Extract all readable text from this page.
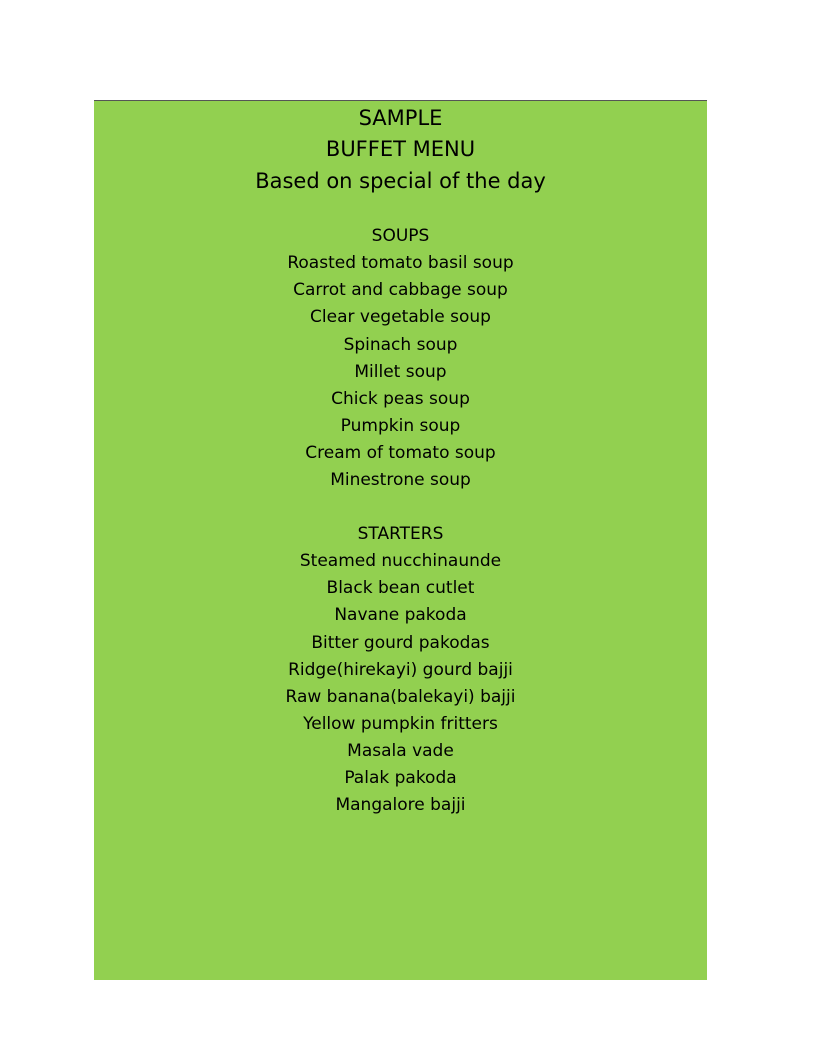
SAMPLE
BUFFET MENU
Based on special of the day
SOUPS
Roasted tomato basil soup
Carrot and cabbage soup
Clear vegetable soup
Spinach soup
Millet soup
Chick peas soup
Pumpkin soup
Cream of tomato soup
Minestrone soup
STARTERS
Steamed nucchinaunde
Black bean cutlet
Navane pakoda
Bitter gourd pakodas
Ridge(hirekayi) gourd bajji
Raw banana(balekayi) bajji
Yellow pumpkin fritters
Masala vade
Palak pakoda
Mangalore bajji
